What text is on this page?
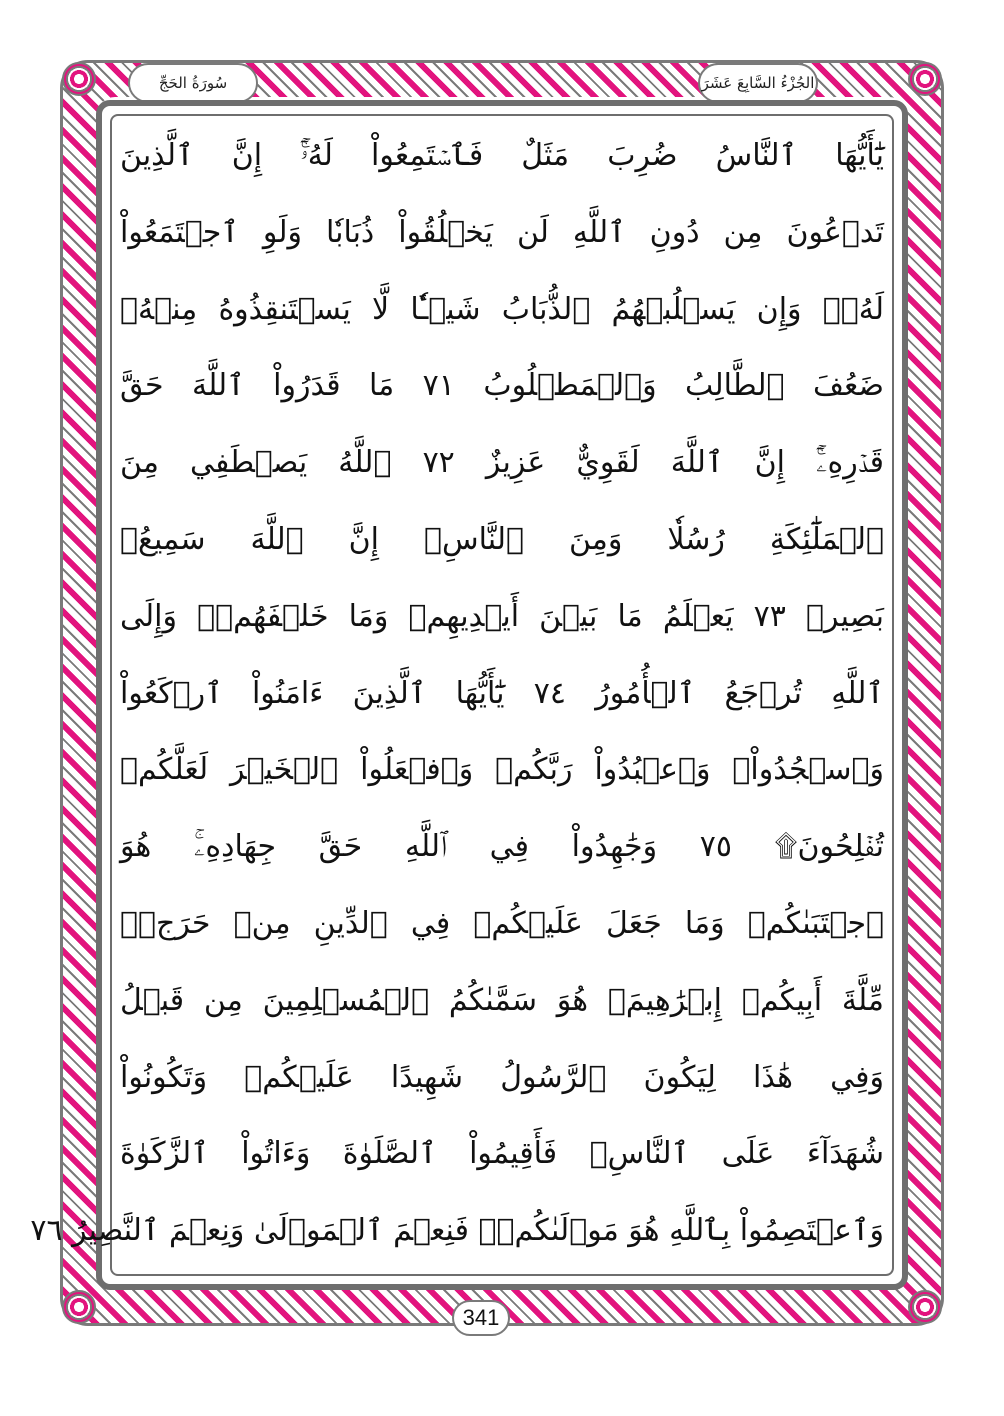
سُورَةُ الحَجِّ	الجُزْءُ السَّابِعَ عَشَرَ
يَٰٓأَيُّهَا ٱلنَّاسُ ضُرِبَ مَثَلٌ فَٱسۡتَمِعُواْ لَهُۥٓۚ إِنَّ ٱلَّذِينَ
تَدۡعُونَ مِن دُونِ ٱللَّهِ لَن يَخۡلُقُواْ ذُبَابٗا وَلَوِ ٱجۡتَمَعُواْ
لَهُۥۖ وَإِن يَسۡلُبۡهُمُ ٱلذُّبَابُ شَيۡـٔٗا لَّا يَسۡتَنقِذُوهُ مِنۡهُۚ
ضَعُفَ ٱلطَّالِبُ وَٱلۡمَطۡلُوبُ ٧١ مَا قَدَرُواْ ٱللَّهَ حَقَّ
قَدۡرِهِۦٓۚ إِنَّ ٱللَّهَ لَقَوِيٌّ عَزِيزٌ ٧٢ ٱللَّهُ يَصۡطَفِي مِنَ
ٱلۡمَلَٰٓئِكَةِ رُسُلٗا وَمِنَ ٱلنَّاسِۚ إِنَّ ٱللَّهَ سَمِيعُۢ
بَصِيرٞ ٧٣ يَعۡلَمُ مَا بَيۡنَ أَيۡدِيهِمۡ وَمَا خَلۡفَهُمۡۚ وَإِلَى
ٱللَّهِ تُرۡجَعُ ٱلۡأُمُورُ ٧٤ يَٰٓأَيُّهَا ٱلَّذِينَ ءَامَنُواْ ٱرۡكَعُواْ
وَٱسۡجُدُواْۤ وَٱعۡبُدُواْ رَبَّكُمۡ وَٱفۡعَلُواْ ٱلۡخَيۡرَ لَعَلَّكُمۡ
تُفۡلِحُونَ۩ ٧٥ وَجَٰهِدُواْ فِي ٱللَّهِ حَقَّ جِهَادِهِۦۚ هُوَ
ٱجۡتَبَىٰكُمۡ وَمَا جَعَلَ عَلَيۡكُمۡ فِي ٱلدِّينِ مِنۡ حَرَجٖۚ
مِّلَّةَ أَبِيكُمۡ إِبۡرَٰهِيمَۚ هُوَ سَمَّىٰكُمُ ٱلۡمُسۡلِمِينَ مِن قَبۡلُ
وَفِي هَٰذَا لِيَكُونَ ٱلرَّسُولُ شَهِيدًا عَلَيۡكُمۡ وَتَكُونُواْ
شُهَدَآءَ عَلَى ٱلنَّاسِۚ فَأَقِيمُواْ ٱلصَّلَوٰةَ وَءَاتُواْ ٱلزَّكَوٰةَ
وَٱعۡتَصِمُواْ بِٱللَّهِ هُوَ مَوۡلَىٰكُمۡۖ فَنِعۡمَ ٱلۡمَوۡلَىٰ وَنِعۡمَ ٱلنَّصِيرُ ٧٦
341
